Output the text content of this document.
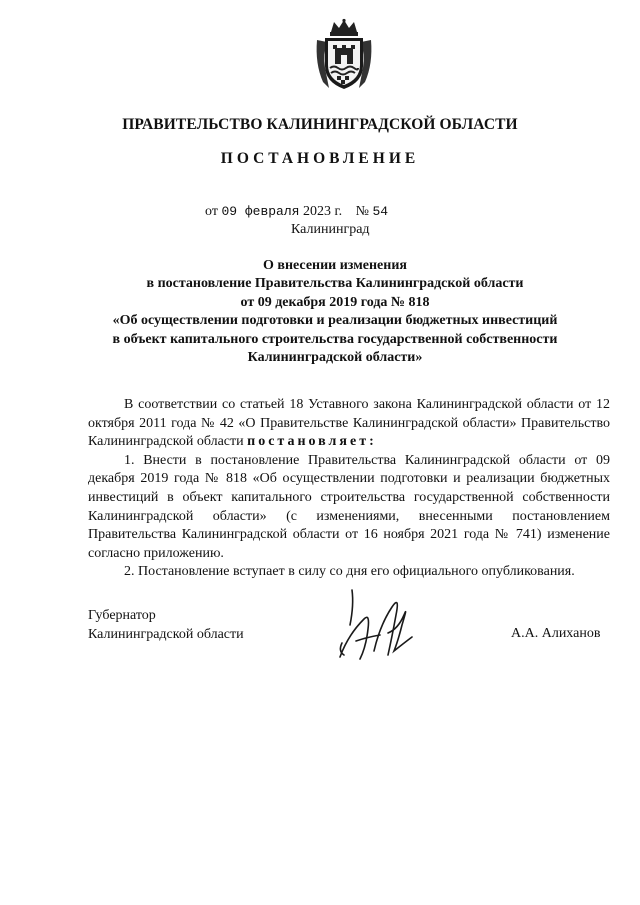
ПРАВИТЕЛЬСТВО КАЛИНИНГРАДСКОЙ ОБЛАСТИ
ПОСТАНОВЛЕНИЕ
от 09 февраля 2023 г. № 54
Калининград
О внесении изменения
в постановление Правительства Калининградской области
от 09 декабря 2019 года № 818
«Об осуществлении подготовки и реализации бюджетных инвестиций
в объект капитального строительства государственной собственности
Калининградской области»

В соответствии со статьей 18 Уставного закона Калининградской области от 12 октября 2011 года № 42 «О Правительстве Калининградской области» Правительство Калининградской области постановляет:

1. Внести в постановление Правительства Калининградской области от 09 декабря 2019 года № 818 «Об осуществлении подготовки и реализации бюджетных инвестиций в объект капитального строительства государственной собственности Калининградской области» (с изменениями, внесенными постановлением Правительства Калининградской области от 16 ноября 2021 года № 741) изменение согласно приложению.

2. Постановление вступает в силу со дня его официального опубликования.

Губернатор
Калининградской области	А.А. Алиханов
